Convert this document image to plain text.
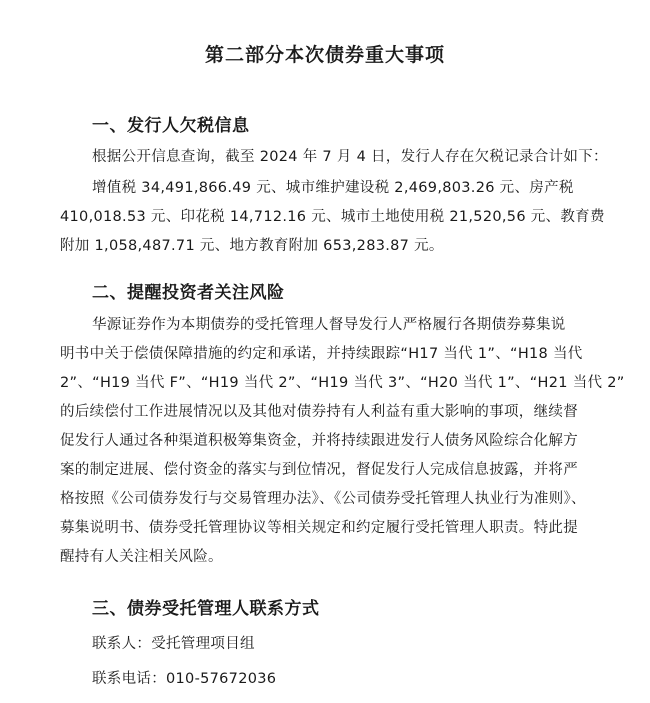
第二部分本次债券重大事项
一、发行人欠税信息
根据公开信息查询，截至 2024 年 7 月 4 日，发行人存在欠税记录合计如下：
增值税 34,491,866.49 元、城市维护建设税 2,469,803.26 元、房产税
410,018.53 元、印花税 14,712.16 元、城市土地使用税 21,520,56 元、教育费
附加 1,058,487.71 元、地方教育附加 653,283.87 元。
二、提醒投资者关注风险
华源证券作为本期债券的受托管理人督导发行人严格履行各期债券募集说
明书中关于偿债保障措施的约定和承诺，并持续跟踪“H17 当代 1”、“H18 当代
2”、“H19 当代 F”、“H19 当代 2”、“H19 当代 3”、“H20 当代 1”、“H21 当代 2”
的后续偿付工作进展情况以及其他对债券持有人利益有重大影响的事项，继续督
促发行人通过各种渠道积极筹集资金，并将持续跟进发行人债务风险综合化解方
案的制定进展、偿付资金的落实与到位情况，督促发行人完成信息披露，并将严
格按照《公司债券发行与交易管理办法》、《公司债券受托管理人执业行为准则》、
募集说明书、债券受托管理协议等相关规定和约定履行受托管理人职责。特此提
醒持有人关注相关风险。
三、债券受托管理人联系方式
联系人：受托管理项目组
联系电话：010-57672036
